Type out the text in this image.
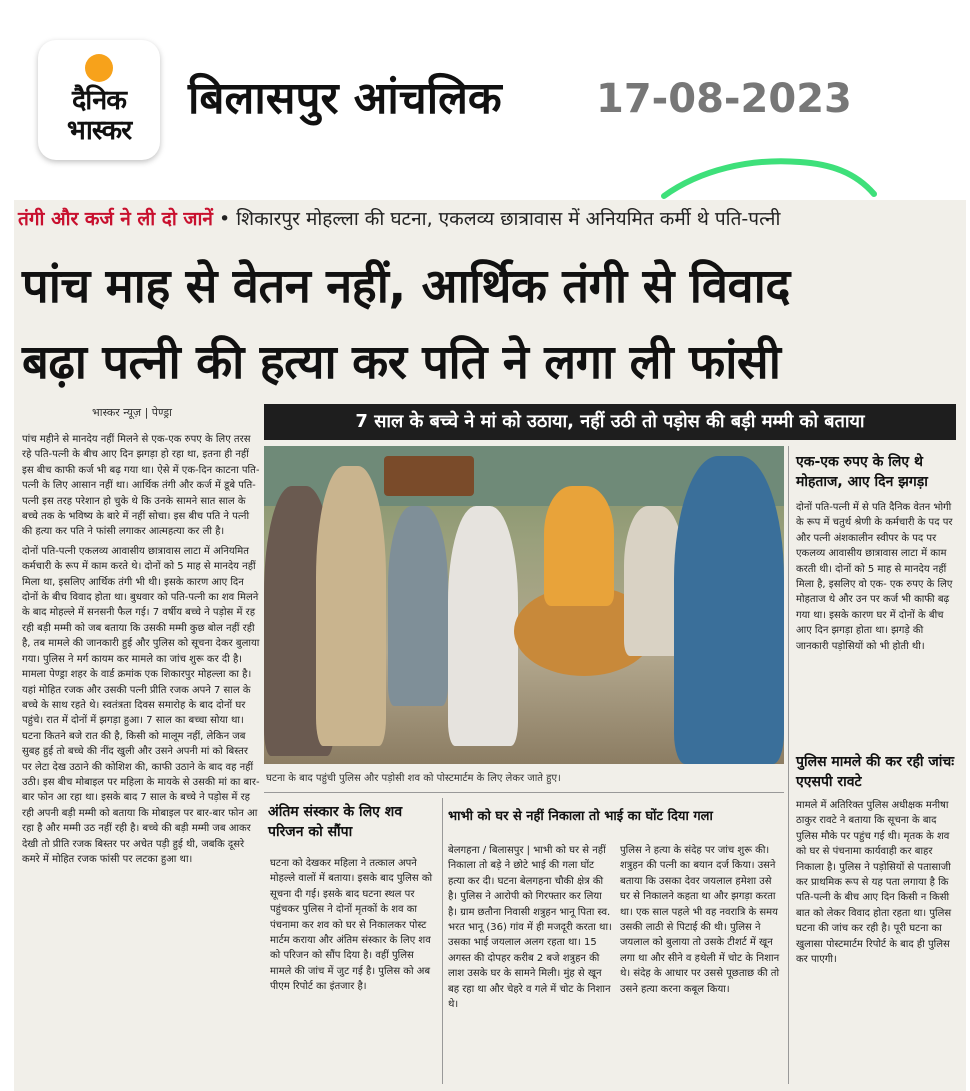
दैनिक
भास्कर
बिलासपुर आंचलिक 17-08-2023
तंगी और कर्ज ने ली दो जानें • शिकारपुर मोहल्ला की घटना, एकलव्य छात्रावास में अनियमित कर्मी थे पति-पत्नी
पांच माह से वेतन नहीं, आर्थिक तंगी से विवाद
बढ़ा पत्नी की हत्या कर पति ने लगा ली फांसी
भास्कर न्यूज़ | पेण्ड्रा	7 साल के बच्चे ने मां को उठाया, नहीं उठी तो पड़ोस की बड़ी मम्मी को बताया

पांच महीने से मानदेय नहीं मिलने से एक-एक रुपए के लिए तरस रहे पति-पत्नी के बीच आए दिन झगड़ा हो रहा था, इतना ही नहीं इस बीच काफी कर्ज भी बढ़ गया था। ऐसे में एक-दिन काटना पति-पत्नी के लिए आसान नहीं था। आर्थिक तंगी और कर्ज में डूबे पति-पत्नी इस तरह परेशान हो चुके थे कि उनके सामने सात साल के बच्चे तक के भविष्य के बारे में नहीं सोचा। इस बीच पति ने पत्नी की हत्या कर पति ने फांसी लगाकर आत्महत्या कर ली है।

दोनों पति-पत्नी एकलव्य आवासीय छात्रावास लाटा में अनियमित कर्मचारी के रूप में काम करते थे। दोनों को 5 माह से मानदेय नहीं मिला था, इसलिए आर्थिक तंगी भी थी। इसके कारण आए दिन दोनों के बीच विवाद होता था। बुधवार को पति-पत्नी का शव मिलने के बाद मोहल्ले में सनसनी फैल गई। 7 वर्षीय बच्चे ने पड़ोस में रह रही बड़ी मम्मी को जब बताया कि उसकी मम्मी कुछ बोल नहीं रही है, तब मामले की जानकारी हुई और पुलिस को सूचना देकर बुलाया गया। पुलिस ने मर्ग कायम कर मामले का जांच शुरू कर दी है। मामला पेण्ड्रा शहर के वार्ड क्रमांक एक शिकारपुर मोहल्ला का है। यहां मोहित रजक और उसकी पत्नी प्रीति रजक अपने 7 साल के बच्चे के साथ रहते थे। स्वतंत्रता दिवस समारोह के बाद दोनों घर पहुंचे। रात में दोनों में झगड़ा हुआ। 7 साल का बच्चा सोया था। घटना कितने बजे रात की है, किसी को मालूम नहीं, लेकिन जब सुबह हुई तो बच्चे की नींद खुली और उसने अपनी मां को बिस्तर पर लेटा देख उठाने की कोशिश की, काफी उठाने के बाद वह नहीं उठी। इस बीच मोबाइल पर महिला के मायके से उसकी मां का बार-बार फोन आ रहा था। इसके बाद 7 साल के बच्चे ने पड़ोस में रह रही अपनी बड़ी मम्मी को बताया कि मोबाइल पर बार-बार फोन आ रहा है और मम्मी उठ नहीं रही है। बच्चे की बड़ी मम्मी जब आकर देखी तो प्रीति रजक बिस्तर पर अचेत पड़ी हुई थी, जबकि दूसरे कमरे में मोहित रजक फांसी पर लटका हुआ था।

घटना के बाद पहुंची पुलिस और पड़ोसी शव को पोस्टमार्टम के लिए लेकर जाते हुए।
एक-एक रुपए के लिए थे मोहताज, आए दिन झगड़ा
दोनों पति-पत्नी में से पति दैनिक वेतन भोगी के रूप में चतुर्थ श्रेणी के कर्मचारी के पद पर और पत्नी अंशकालीन स्वीपर के पद पर एकलव्य आवासीय छात्रावास लाटा में काम करती थी। दोनों को 5 माह से मानदेय नहीं मिला है, इसलिए वो एक- एक रुपए के लिए मोहताज थे और उन पर कर्ज भी काफी बढ़ गया था। इसके कारण घर में दोनों के बीच आए दिन झगड़ा होता था। झगड़े की जानकारी पड़ोसियों को भी होती थी।
पुलिस मामले की कर रही जांचः एएसपी रावटे
मामले में अतिरिक्त पुलिस अधीक्षक मनीषा ठाकुर रावटे ने बताया कि सूचना के बाद पुलिस मौके पर पहुंच गई थी। मृतक के शव को घर से पंचनामा कार्यवाही कर बाहर निकाला है। पुलिस ने पड़ोसियों से पतासाजी कर प्राथमिक रूप से यह पता लगाया है कि पति-पत्नी के बीच आए दिन किसी न किसी बात को लेकर विवाद होता रहता था। पुलिस घटना की जांच कर रही है। पूरी घटना का खुलासा पोस्टमार्टम रिपोर्ट के बाद ही पुलिस कर पाएगी।
अंतिम संस्कार के लिए शव परिजन को सौंपा
घटना को देखकर महिला ने तत्काल अपने मोहल्ले वालों में बताया। इसके बाद पुलिस को सूचना दी गई। इसके बाद घटना स्थल पर पहुंचकर पुलिस ने दोनों मृतकों के शव का पंचनामा कर शव को घर से निकालकर पोस्ट मार्टम कराया और अंतिम संस्कार के लिए शव को परिजन को सौंप दिया है। वहीं पुलिस मामले की जांच में जुट गई है। पुलिस को अब पीएम रिपोर्ट का इंतजार है।
भाभी को घर से नहीं निकाला तो भाई का घोंट दिया गला
बेलगहना / बिलासपुर | भाभी को घर से नहीं निकाला तो बड़े ने छोटे भाई की गला घोंट हत्या कर दी। घटना बेलगहना चौकी क्षेत्र की है। पुलिस ने आरोपी को गिरफ्तार कर लिया है। ग्राम छतौना निवासी शत्रुहन भानू पिता स्व. भरत भानू (36) गांव में ही मजदूरी करता था। उसका भाई जयलाल अलग रहता था। 15 अगस्त की दोपहर करीब 2 बजे शत्रुहन की लाश उसके घर के सामने मिली। मुंह से खून बह रहा था और चेहरे व गले में चोट के निशान थे।
पुलिस ने हत्या के संदेह पर जांच शुरू की। शत्रुहन की पत्नी का बयान दर्ज किया। उसने बताया कि उसका देवर जयलाल हमेशा उसे घर से निकालने कहता था और झगड़ा करता था। एक साल पहले भी वह नवरात्रि के समय उसकी लाठी से पिटाई की थी। पुलिस ने जयलाल को बुलाया तो उसके टीशर्ट में खून लगा था और सीने व हथेली में चोट के निशान थे। संदेह के आधार पर उससे पूछताछ की तो उसने हत्या करना कबूल किया।
